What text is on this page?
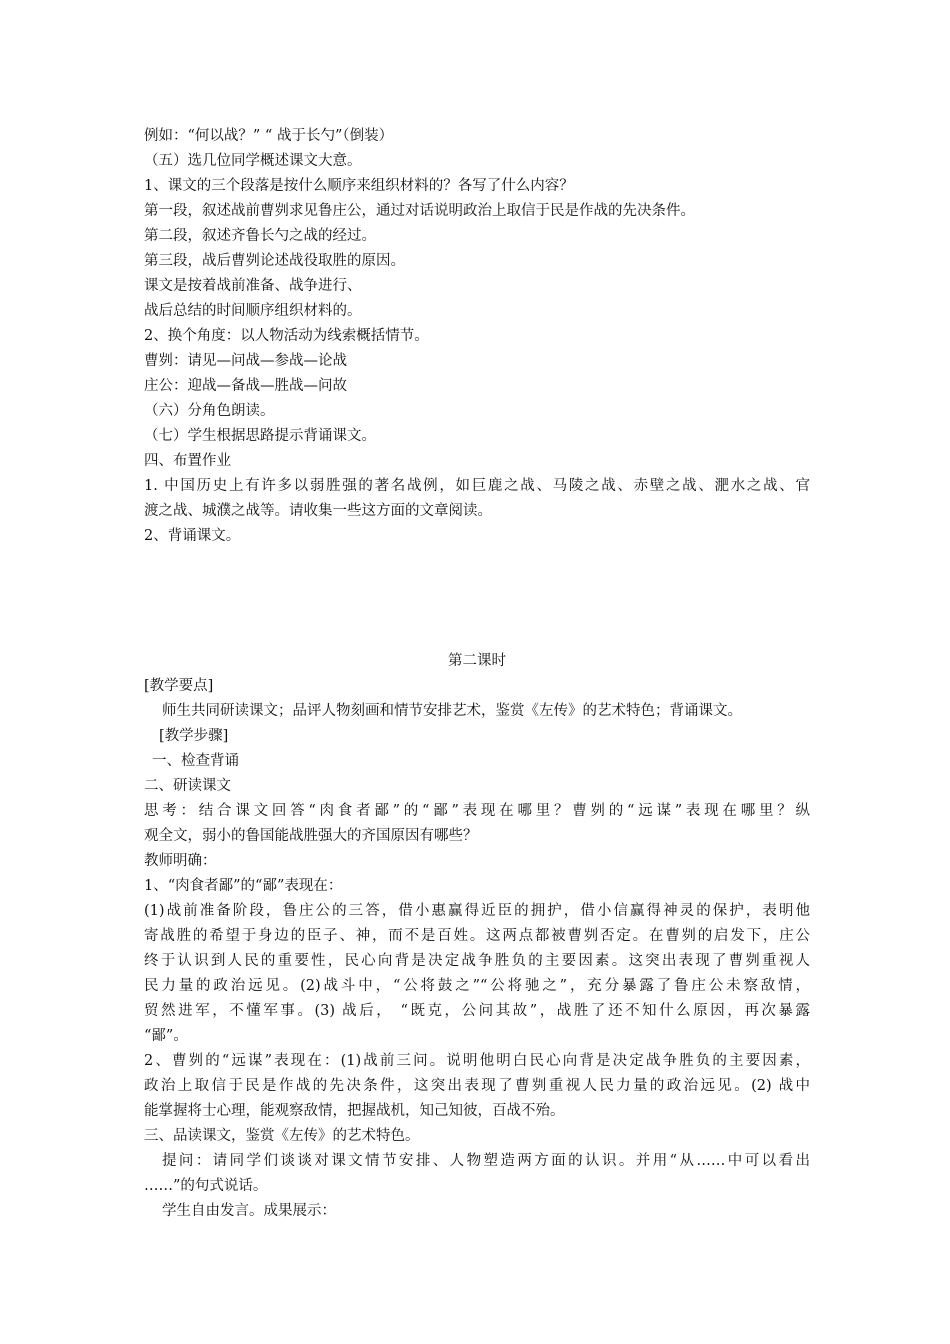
例如：“何以战？” “ 战于长勺”（倒装）
（五）选几位同学概述课文大意。
1、课文的三个段落是按什么顺序来组织材料的？各写了什么内容？
第一段，叙述战前曹刿求见鲁庄公，通过对话说明政治上取信于民是作战的先决条件。
第二段，叙述齐鲁长勺之战的经过。
第三段，战后曹刿论述战役取胜的原因。
课文是按着战前准备、战争进行、
战后总结的时间顺序组织材料的。
2、换个角度：以人物活动为线索概括情节。
曹刿：请见—问战—参战—论战
庄公：迎战—备战—胜战—问故
（六）分角色朗读。
（七）学生根据思路提示背诵课文。
四、布置作业
1. 中国历史上有许多以弱胜强的著名战例，如巨鹿之战、马陵之战、赤壁之战、淝水之战、官
渡之战、城濮之战等。请收集一些这方面的文章阅读。
2、背诵课文。
第二课时
[教学要点]
师生共同研读课文；品评人物刻画和情节安排艺术，鉴赏《左传》的艺术特色；背诵课文。
[教学步骤]
一、检查背诵
二、研读课文
思考：结合课文回答“肉食者鄙”的“鄙”表现在哪里？曹刿的“远谋”表现在哪里？纵
观全文，弱小的鲁国能战胜强大的齐国原因有哪些？
教师明确：
1、“肉食者鄙”的“鄙”表现在：
(1)战前准备阶段，鲁庄公的三答，借小惠赢得近臣的拥护，借小信赢得神灵的保护，表明他
寄战胜的希望于身边的臣子、神，而不是百姓。这两点都被曹刿否定。在曹刿的启发下，庄公
终于认识到人民的重要性，民心向背是决定战争胜负的主要因素。这突出表现了曹刿重视人
民力量的政治远见。(2)战斗中，“公将鼓之”“公将驰之”，充分暴露了鲁庄公未察敌情，
贸然进军，不懂军事。(3) 战后， “既克，公问其故”，战胜了还不知什么原因，再次暴露
“鄙”。
2、曹刿的“远谋”表现在：(1)战前三问。说明他明白民心向背是决定战争胜负的主要因素，
政治上取信于民是作战的先决条件，这突出表现了曹刿重视人民力量的政治远见。(2) 战中
能掌握将士心理，能观察敌情，把握战机，知己知彼，百战不殆。
三、品读课文，鉴赏《左传》的艺术特色。
提问：请同学们谈谈对课文情节安排、人物塑造两方面的认识。并用“从……中可以看出
……”的句式说话。
学生自由发言。成果展示：
